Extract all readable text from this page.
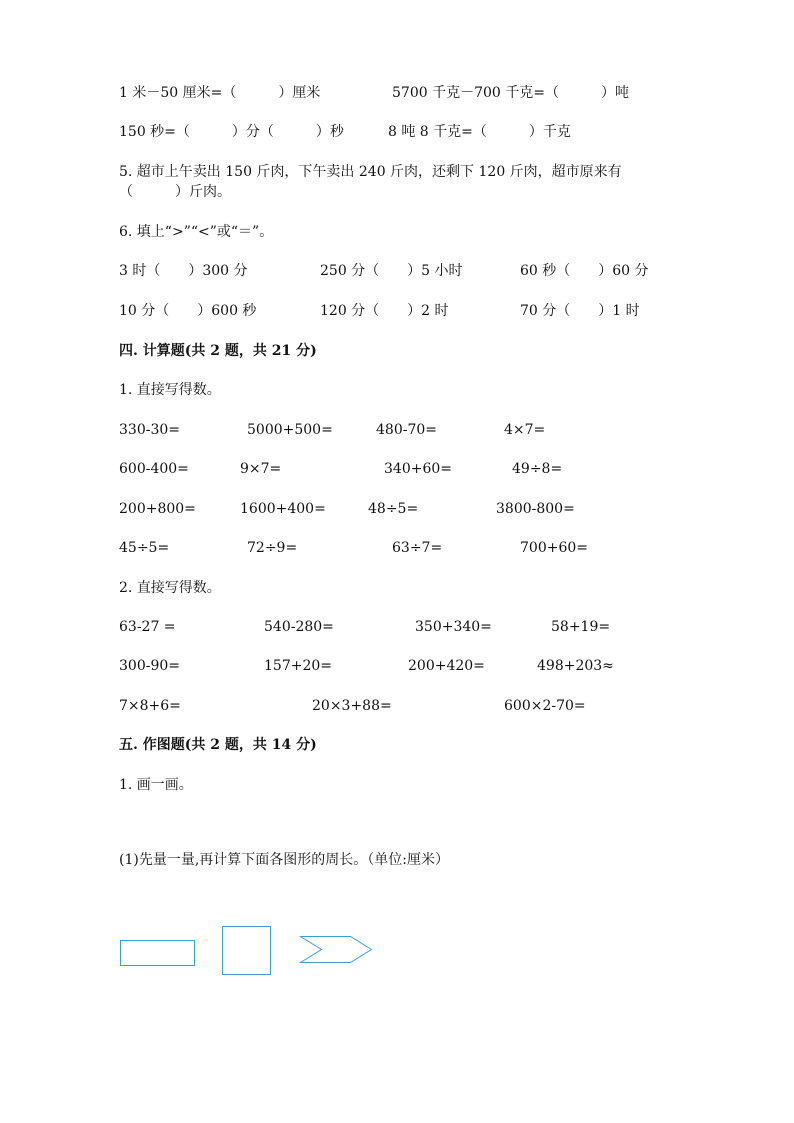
1 米－50 厘米=（　　　）厘米	5700 千克－700 千克=（　　　）吨
150 秒=（　　　）分（　　　）秒	8 吨 8 千克=（　　　）千克
5. 超市上午卖出 150 斤肉，下午卖出 240 斤肉，还剩下 120 斤肉，超市原来有
（　　　）斤肉。
6. 填上“>”“<”或“＝”。
3 时（　　）300 分	250 分（　　）5 小时	60 秒（　　）60 分
10 分（　　）600 秒	120 分（　　）2 时	70 分（　　）1 时
四. 计算题(共 2 题，共 21 分)
1. 直接写得数。
330-30=	5000+500=	480-70=	4×7=
600-400=	9×7=	340+60=	49÷8=
200+800=	1600+400=	48÷5=	3800-800=
45÷5=	72÷9=	63÷7=	700+60=
2. 直接写得数。
63-27 =	540-280=	350+340=	58+19=
300-90=	157+20=	200+420=	498+203≈
7×8+6=	20×3+88=	600×2-70=
五. 作图题(共 2 题，共 14 分)
1. 画一画。
(1)先量一量,再计算下面各图形的周长。（单位:厘米）
